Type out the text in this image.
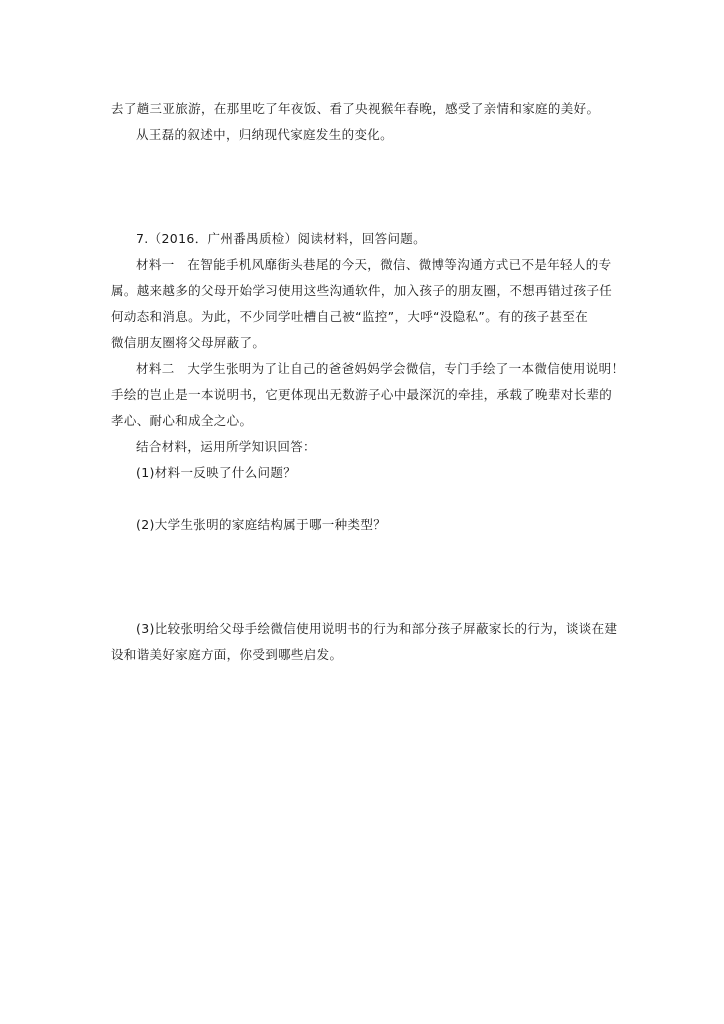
去了趟三亚旅游，在那里吃了年夜饭、看了央视猴年春晚，感受了亲情和家庭的美好。
从王磊的叙述中，归纳现代家庭发生的变化。
7.（2016．广州番禺质检）阅读材料，回答问题。
材料一　在智能手机风靡街头巷尾的今天，微信、微博等沟通方式已不是年轻人的专
属。越来越多的父母开始学习使用这些沟通软件，加入孩子的朋友圈，不想再错过孩子任
何动态和消息。为此，不少同学吐槽自己被“监控”，大呼“没隐私”。有的孩子甚至在
微信朋友圈将父母屏蔽了。
材料二　大学生张明为了让自己的爸爸妈妈学会微信，专门手绘了一本微信使用说明！
手绘的岂止是一本说明书，它更体现出无数游子心中最深沉的牵挂，承载了晚辈对长辈的
孝心、耐心和成全之心。
结合材料，运用所学知识回答：
(1)材料一反映了什么问题？
(2)大学生张明的家庭结构属于哪一种类型？
(3)比较张明给父母手绘微信使用说明书的行为和部分孩子屏蔽家长的行为，谈谈在建
设和谐美好家庭方面，你受到哪些启发。
